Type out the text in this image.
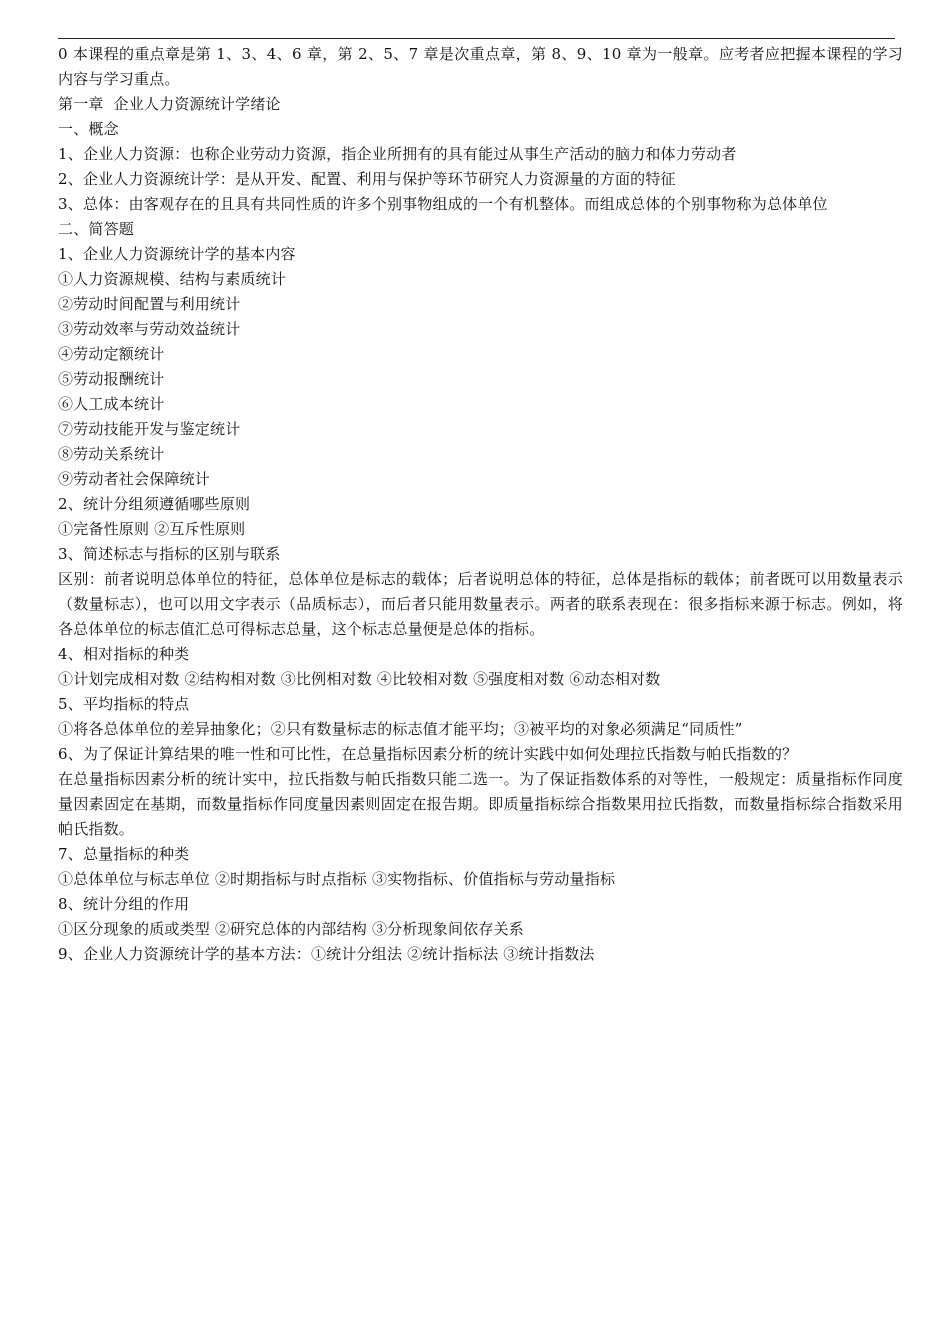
0 本课程的重点章是第 1、3、4、6 章，第 2、5、7 章是次重点章，第 8、9、10 章为一般章。应考者应把握本课程的学习内容与学习重点。
第一章  企业人力资源统计学绪论
一、概念
1、企业人力资源：也称企业劳动力资源，指企业所拥有的具有能过从事生产活动的脑力和体力劳动者
2、企业人力资源统计学：是从开发、配置、利用与保护等环节研究人力资源量的方面的特征
3、总体：由客观存在的且具有共同性质的许多个别事物组成的一个有机整体。而组成总体的个别事物称为总体单位
二、简答题
1、企业人力资源统计学的基本内容
①人力资源规模、结构与素质统计
②劳动时间配置与利用统计
③劳动效率与劳动效益统计
④劳动定额统计
⑤劳动报酬统计
⑥人工成本统计
⑦劳动技能开发与鉴定统计
⑧劳动关系统计
⑨劳动者社会保障统计
2、统计分组须遵循哪些原则
①完备性原则 ②互斥性原则
3、简述标志与指标的区别与联系
区别：前者说明总体单位的特征，总体单位是标志的载体；后者说明总体的特征，总体是指标的载体；前者既可以用数量表示（数量标志），也可以用文字表示（品质标志），而后者只能用数量表示。两者的联系表现在：很多指标来源于标志。例如，将各总体单位的标志值汇总可得标志总量，这个标志总量便是总体的指标。
4、相对指标的种类
①计划完成相对数 ②结构相对数 ③比例相对数 ④比较相对数 ⑤强度相对数 ⑥动态相对数
5、平均指标的特点
①将各总体单位的差异抽象化；②只有数量标志的标志值才能平均；③被平均的对象必须满足“同质性”
6、为了保证计算结果的唯一性和可比性，在总量指标因素分析的统计实践中如何处理拉氏指数与帕氏指数的？
在总量指标因素分析的统计实中，拉氏指数与帕氏指数只能二选一。为了保证指数体系的对等性，一般规定：质量指标作同度量因素固定在基期，而数量指标作同度量因素则固定在报告期。即质量指标综合指数果用拉氏指数，而数量指标综合指数采用帕氏指数。
7、总量指标的种类
①总体单位与标志单位 ②时期指标与时点指标 ③实物指标、价值指标与劳动量指标
8、统计分组的作用
①区分现象的质或类型 ②研究总体的内部结构 ③分析现象间依存关系
9、企业人力资源统计学的基本方法：①统计分组法 ②统计指标法 ③统计指数法
